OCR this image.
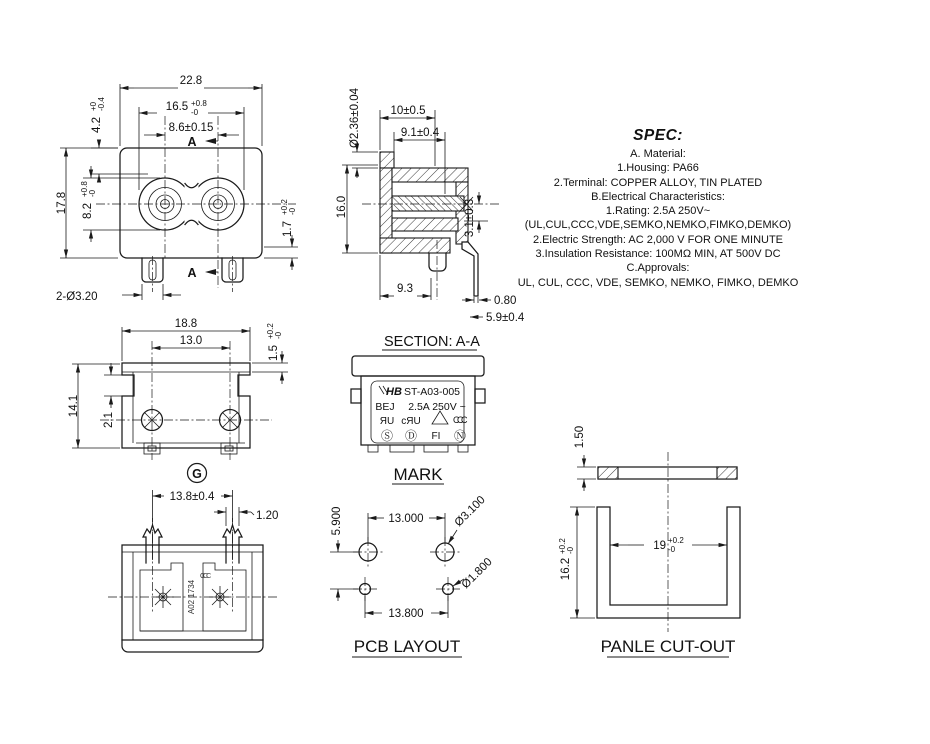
22.8
16.5 +0.8
-0
8.6±0.15
A
A
4.2
+0 -0.4
17.8 8.2
+0.8 -0
1.7
+0.2 -0
2-Ø3.20
Ø2.36±0.04	10±0.5
9.1±0.4
16.0	3.1±0.3
9.3
0.80
5.9±0.4
SECTION: A-A
18.8
13.0
14.1
2.1
1.5
+0.2 -0
G
HB ST-A03-005
BEJ 2.5A 250V ~
ЯU cЯU	CCC
Ⓢ Ⓓ FI Ⓝ
MARK
CCC
A02 1734
13.8±0.4
1.20	13.000
13.800
5.900	Ø3.100
Ø1.800
PCB LAYOUT
1.50
19 +0.2
-0
16.2
+0.2 -0
PANLE CUT-OUT
SPEC:
A. Material:
1.Housing: PA66
2.Terminal: COPPER ALLOY, TIN PLATED
B.Electrical Characteristics:
1.Rating: 2.5A 250V~
(UL,CUL,CCC,VDE,SEMKO,NEMKO,FIMKO,DEMKO)
2.Electric Strength: AC 2,000 V FOR ONE MINUTE
3.Insulation Resistance: 100MΩ MIN, AT 500V DC
C.Approvals:
UL, CUL, CCC, VDE, SEMKO, NEMKO, FIMKO, DEMKO
